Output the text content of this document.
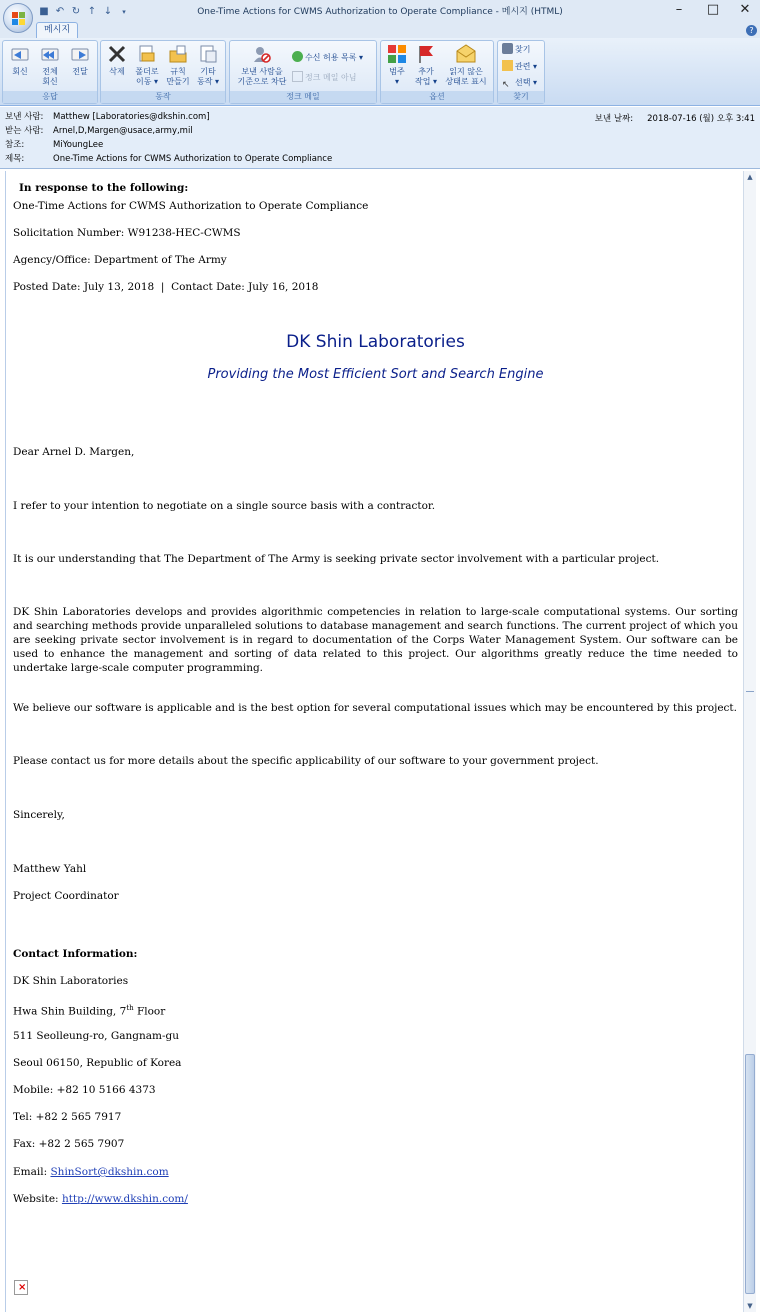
One-Time Actions for CWMS Authorization to Operate Compliance - 메시지 (HTML)
■ ↶ ↻ ↑ ↓	▾	–	□	✕
메시지	?
회신	전체
회신
전달
응답
삭제	폴더로
이동 ▾
규칙
만들기
기타
동작 ▾
동작
보낸 사람을
기준으로 차단
수신 허용 목록 ▾
정크 메일 아님
정크 메일
범주
▾
추가
작업 ▾
읽지 않은
상태로 표시
옵션
찾기
관련 ▾
↖ 선택 ▾
찾기
보낸 사람:	Matthew [Laboratories@dkshin.com]
받는 사람:	Arnel,D,Margen@usace,army,mil
참조:	MiYoungLee
제목:	One-Time Actions for CWMS Authorization to Operate Compliance
보낸 날짜: 2018-07-16 (월) 오후 3:41

In response to the following:

One-Time Actions for CWMS Authorization to Operate Compliance

Solicitation Number: W91238-HEC-CWMS

Agency/Office: Department of The Army

Posted Date: July 13, 2018  |  Contact Date: July 16, 2018

DK Shin Laboratories

Providing the Most Efficient Sort and Search Engine

Dear Arnel D. Margen,

I refer to your intention to negotiate on a single source basis with a contractor.

It is our understanding that The Department of The Army is seeking private sector involvement with a particular project.

DK Shin Laboratories develops and provides algorithmic competencies in relation to large-scale computational systems. Our sorting and searching methods provide unparalleled solutions to database management and search functions. The current project of which you are seeking private sector involvement is in regard to documentation of the Corps Water Management System. Our software can be used to enhance the management and sorting of data related to this project. Our algorithms greatly reduce the time needed to undertake large-scale computer programming.

We believe our software is applicable and is the best option for several computational issues which may be encountered by this project.

Please contact us for more details about the specific applicability of our software to your government project.

Sincerely,

Matthew Yahl

Project Coordinator

Contact Information:

DK Shin Laboratories

Hwa Shin Building, 7th Floor

511 Seolleung-ro, Gangnam-gu

Seoul 06150, Republic of Korea

Mobile: +82 10 5166 4373

Tel: +82 2 565 7917

Fax: +82 2 565 7907

Email: ShinSort@dkshin.com

Website: http://www.dkshin.com/

×
▲
▼
